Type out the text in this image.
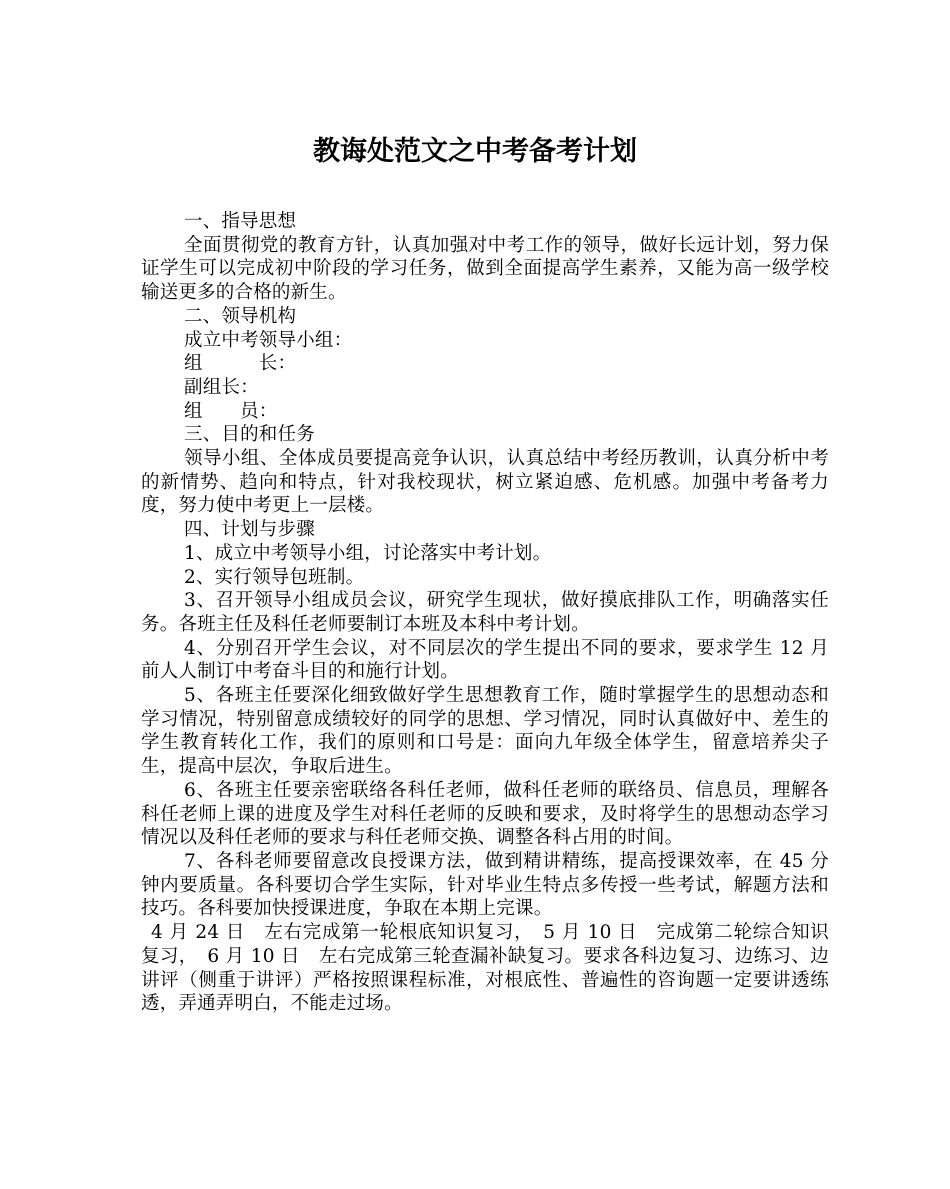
教诲处范文之中考备考计划

一、指导思想

全面贯彻党的教育方针，认真加强对中考工作的领导，做好长远计划，努力保证学生可以完成初中阶段的学习任务，做到全面提高学生素养，又能为高一级学校输送更多的合格的新生。

二、领导机构

成立中考领导小组：

组　　　长：

副组长：

组　　员：

三、目的和任务

领导小组、全体成员要提高竞争认识，认真总结中考经历教训，认真分析中考的新情势、趋向和特点，针对我校现状，树立紧迫感、危机感。加强中考备考力度，努力使中考更上一层楼。

四、计划与步骤

1、成立中考领导小组，讨论落实中考计划。

2、实行领导包班制。

3、召开领导小组成员会议，研究学生现状，做好摸底排队工作，明确落实任务。各班主任及科任老师要制订本班及本科中考计划。

4、分别召开学生会议，对不同层次的学生提出不同的要求，要求学生 12 月 前人人制订中考奋斗目的和施行计划。

5、各班主任要深化细致做好学生思想教育工作，随时掌握学生的思想动态和学习情况，特别留意成绩较好的同学的思想、学习情况，同时认真做好中、差生的学生教育转化工作，我们的原则和口号是：面向九年级全体学生，留意培养尖子生，提高中层次，争取后进生。

6、各班主任要亲密联络各科任老师，做科任老师的联络员、信息员，理解各科任老师上课的进度及学生对科任老师的反映和要求，及时将学生的思想动态学习情况以及科任老师的要求与科任老师交换、调整各科占用的时间。

7、各科老师要留意改良授课方法，做到精讲精练，提高授课效率，在 45 分钟内要质量。各科要切合学生实际，针对毕业生特点多传授一些考试，解题方法和技巧。各科要加快授课进度，争取在本期上完课。

4 月 24 日　左右完成第一轮根底知识复习，　5 月 10 日　完成第二轮综合知识复习，　6 月 10 日　左右完成第三轮查漏补缺复习。要求各科边复习、边练习、边讲评（侧重于讲评）严格按照课程标准，对根底性、普遍性的咨询题一定要讲透练透，弄通弄明白，不能走过场。
